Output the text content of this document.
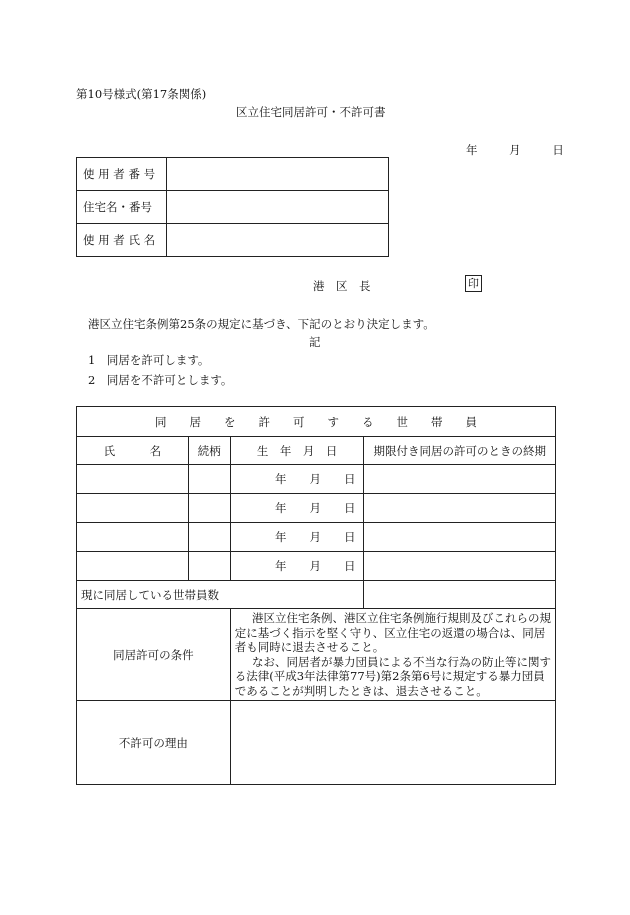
第10号様式(第17条関係)
区立住宅同居許可・不許可書
年	月	日
使 用 者 番 号	
住宅名・番号	
使 用 者 氏 名	
港　区　長	印
港区立住宅条例第25条の規定に基づき、下記のとおり決定します。
記
1　同居を許可します。
2　同居を不許可とします。
同　　居　　を　　許　　可　　す　　る　　世　　帯　　員			
氏　　　名	続柄	生　年　月　日	期限付き同居の許可のときの終期
		年　　月　　日	
		年　　月　　日	
		年　　月　　日	
		年　　月　　日	
現に同居している世帯員数			
同居許可の条件		港区立住宅条例、港区立住宅条例施行規則及びこれらの規定に基づく指示を堅く守り、区立住宅の返還の場合は、同居者も同時に退去させること。
なお、同居者が暴力団員による不当な行為の防止等に関する法律(平成3年法律第77号)第2条第6号に規定する暴力団員であることが判明したときは、退去させること。	

不許可の理由			
